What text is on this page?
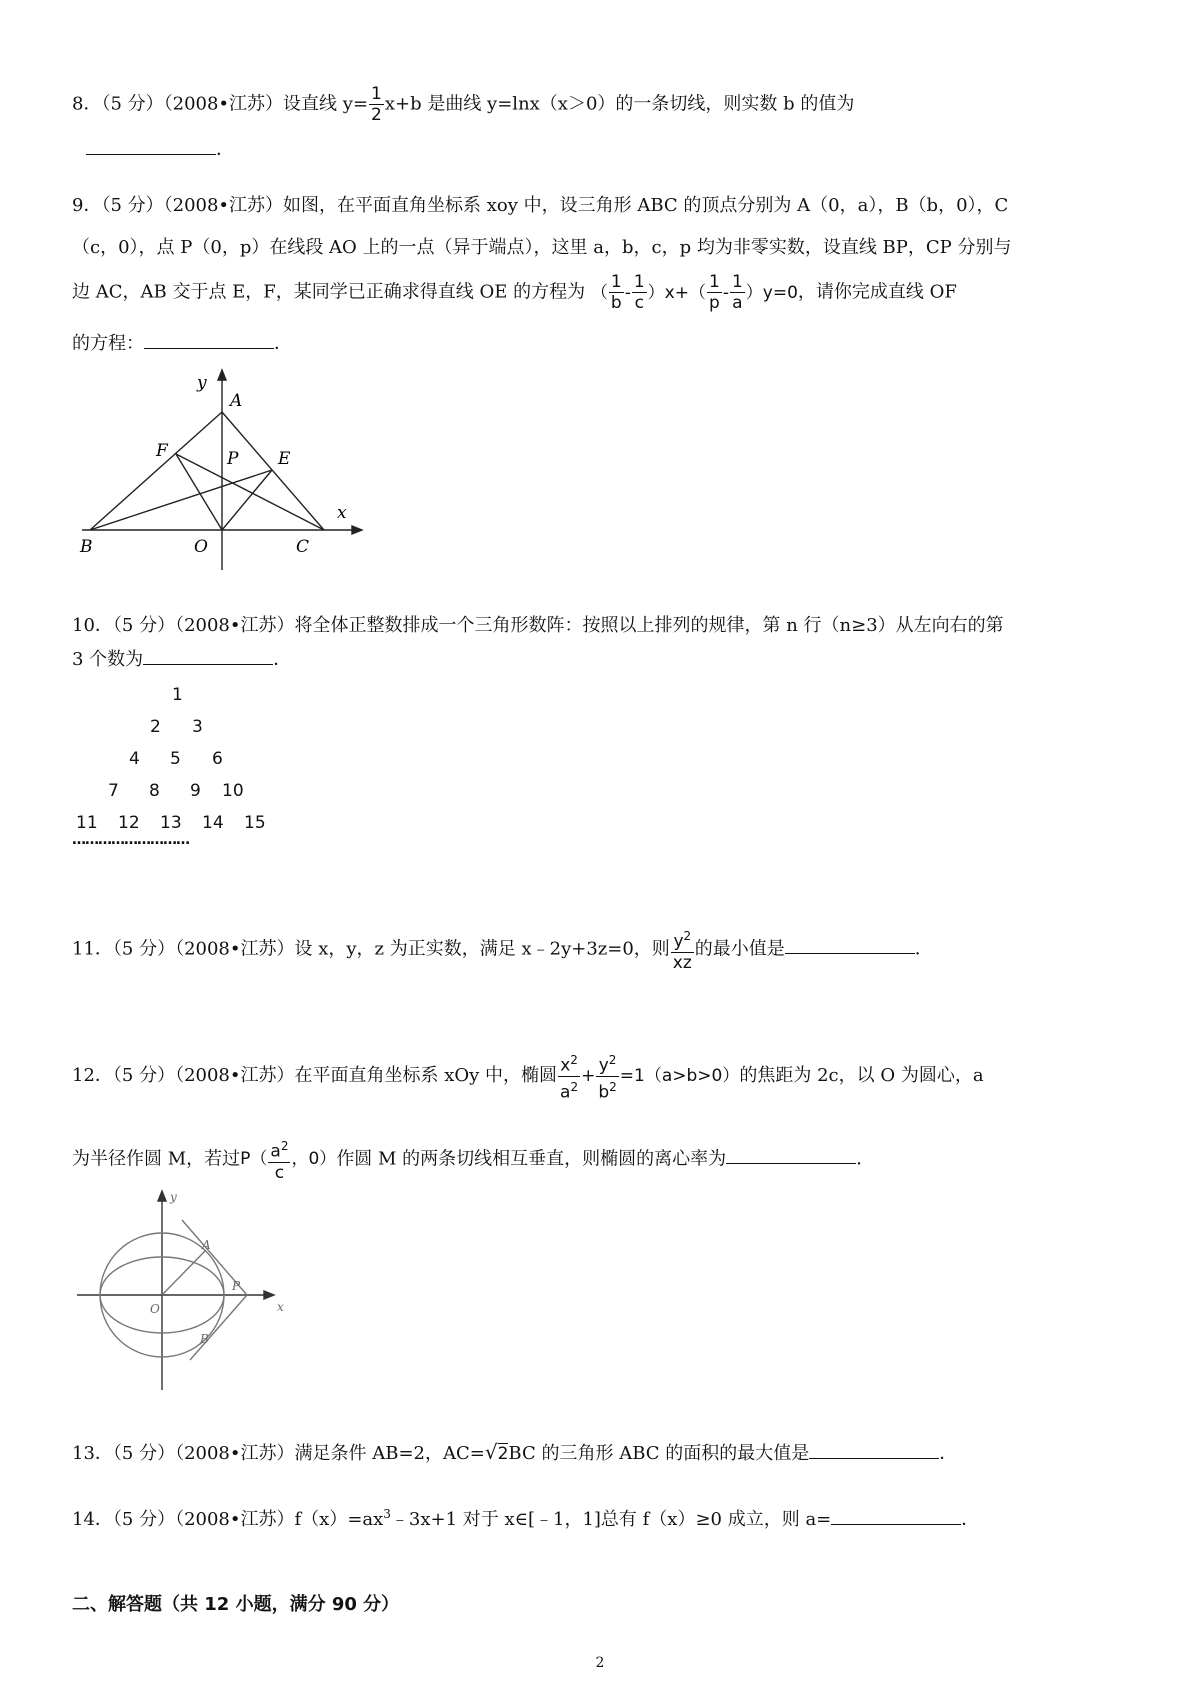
8．（5 分）（2008•江苏）设直线 $y= \frac{1}{2} x+b$ 是曲线 y=lnx（x＞0）的一条切线，则实数 b 的值为
．
9．（5 分）（2008•江苏）如图，在平面直角坐标系 xoy 中，设三角形 ABC 的顶点分别为 A（0，a），B（b，0），C
（c，0），点 P（0，p）在线段 AO 上的一点（异于端点），这里 a，b，c，p 均为非零实数，设直线 BP，CP 分别与
边 AC，AB 交于点 E，F，某同学已正确求得直线 OE 的方程为 （ $\frac{1}{b} - \frac{1}{c} )x+( \frac{1}{p} - \frac{1}{a} )y=0$，请你完成直线 OF
的方程：	．
y
A
F	P E
x
B	O	C
10．（5 分）（2008•江苏）将全体正整数排成一个三角形数阵：按照以上排列的规律，第 n 行（n≥3）从左向右的第
3 个数为	．
1
2 3
4 5 6
7 8 9 10
11 12 13 14 15
………………………
11．（5 分）（2008•江苏）设 x，y，z 为正实数，满足 x﹣2y+3z=0，则 $\frac{y^2}{xz}$ 的最小值是	．
12．（5 分）（2008•江苏）在平面直角坐标系 xOy 中，椭圆 $\frac{x^2}{a^2} + \frac{y^2}{b^2} =1(a>b>0)$的焦距为 2c，以 O 为圆心，a
为半径作圆 M，若过$P( \frac{a^2}{c}$ ，0）作圆 M 的两条切线相互垂直，则椭圆的离心率为	．
y
A
P
x
O
B
13．（5 分）（2008•江苏）满足条件 AB=2，AC=√2BC 的三角形 ABC 的面积的最大值是	．
14．（5 分）（2008•江苏）$f(x)=ax^3﹣3x+1$ 对于 x∈[﹣1，1]总有 f（x）≥0 成立，则 a=	．
二、解答题（共 12 小题，满分 90 分）
2
